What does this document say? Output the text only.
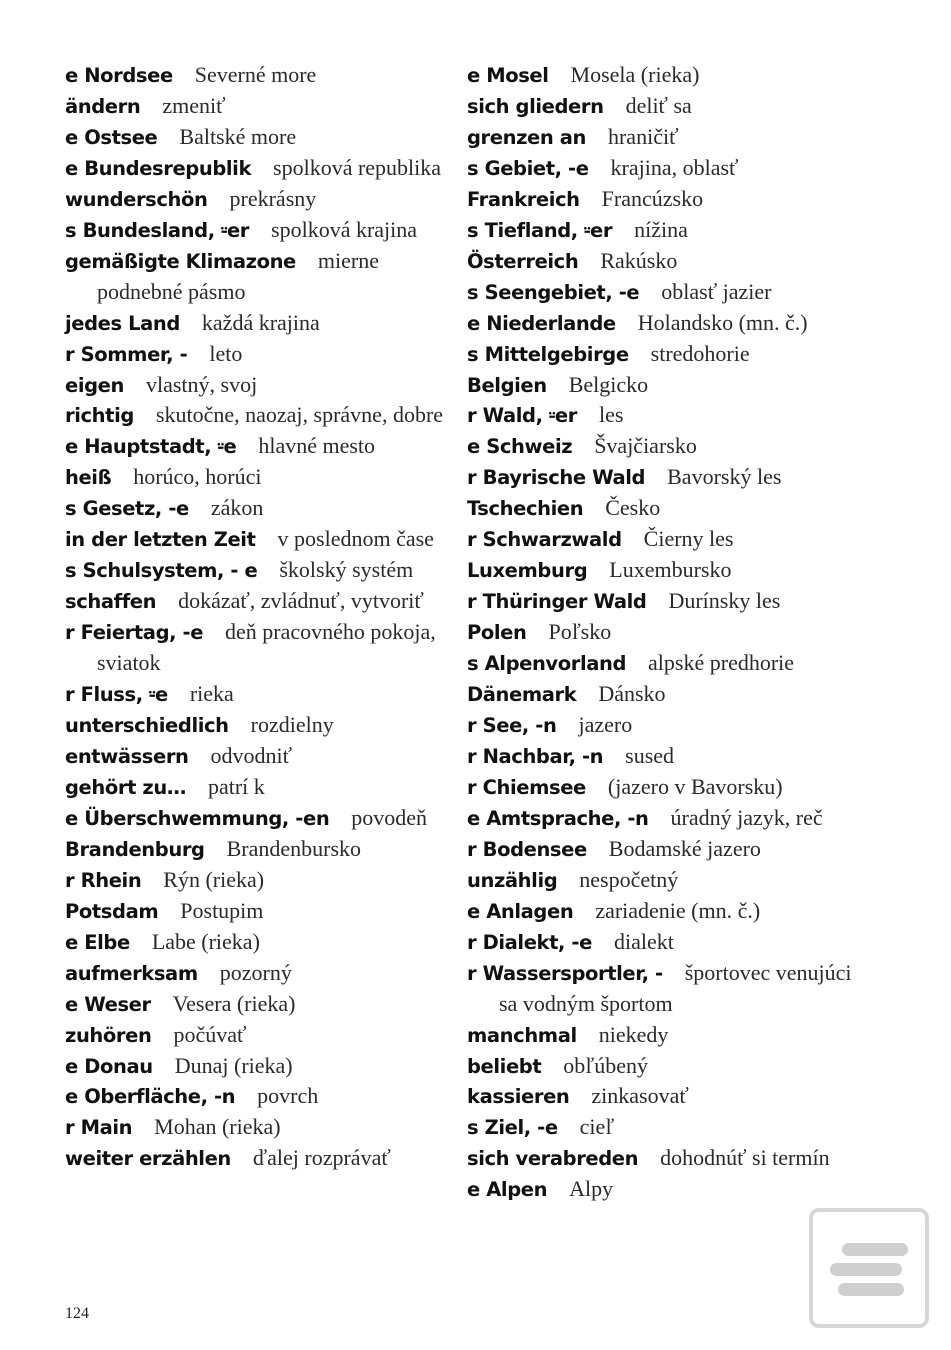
e Nordsee Severné more
ändern zmeniť
e Ostsee Baltské more
e Bundesrepublik spolková republika
wunderschön prekrásny
s Bundesland, ⸚er spolková krajina
gemäßigte Klimazone mierne podnebné pásmo
jedes Land každá krajina
r Sommer, - leto
eigen vlastný, svoj
richtig skutočne, naozaj, správne, dobre
e Hauptstadt, ⸚e hlavné mesto
heiß horúco, horúci
s Gesetz, -e zákon
in der letzten Zeit v poslednom čase
s Schulsystem, - e školský systém
schaffen dokázať, zvládnuť, vytvoriť
r Feiertag, -e deň pracovného pokoja, sviatok
r Fluss, ⸚e rieka
unterschiedlich rozdielny
entwässern odvodniť
gehört zu… patrí k
e Überschwemmung, -en povodeň
Brandenburg Brandenbursko
r Rhein Rýn (rieka)
Potsdam Postupim
e Elbe Labe (rieka)
aufmerksam pozorný
e Weser Vesera (rieka)
zuhören počúvať
e Donau Dunaj (rieka)
e Oberfläche, -n povrch
r Main Mohan (rieka)
weiter erzählen ďalej rozprávať
e Mosel Mosela (rieka)
sich gliedern deliť sa
grenzen an hraničiť
s Gebiet, -e krajina, oblasť
Frankreich Francúzsko
s Tiefland, ⸚er nížina
Österreich Rakúsko
s Seengebiet, -e oblasť jazier
e Niederlande Holandsko (mn. č.)
s Mittelgebirge stredohorie
Belgien Belgicko
r Wald, ⸚er les
e Schweiz Švajčiarsko
r Bayrische Wald Bavorský les
Tschechien Česko
r Schwarzwald Čierny les
Luxemburg Luxembursko
r Thüringer Wald Durínsky les
Polen Poľsko
s Alpenvorland alpské predhorie
Dänemark Dánsko
r See, -n jazero
r Nachbar, -n sused
r Chiemsee (jazero v Bavorsku)
e Amtsprache, -n úradný jazyk, reč
r Bodensee Bodamské jazero
unzählig nespočetný
e Anlagen zariadenie (mn. č.)
r Dialekt, -e dialekt
r Wassersportler, - športovec venujúci sa vodným športom
manchmal niekedy
beliebt obľúbený
kassieren zinkasovať
s Ziel, -e cieľ
sich verabreden dohodnúť si termín
e Alpen Alpy
124
